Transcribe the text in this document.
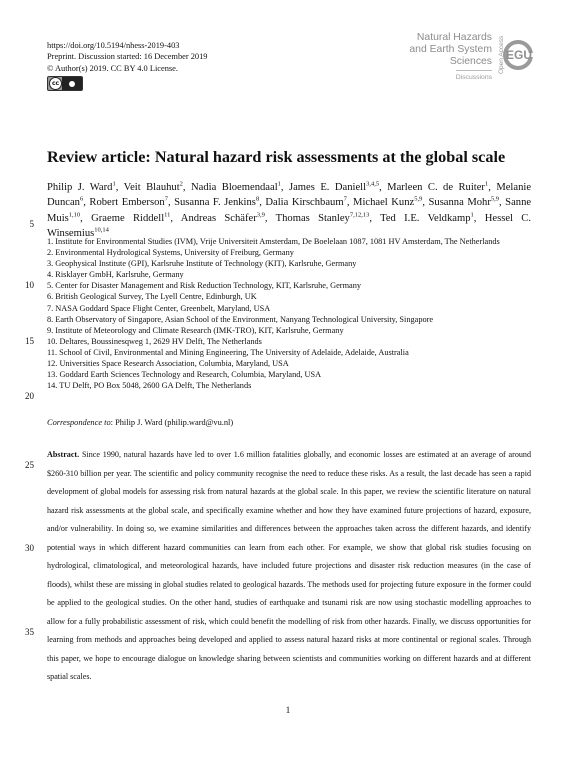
https://doi.org/10.5194/nhess-2019-403
Preprint. Discussion started: 16 December 2019
© Author(s) 2019. CC BY 4.0 License.
cc
Natural Hazards
and Earth System
Sciences
Discussions
Open Access EGU
Review article: Natural hazard risk assessments at the global scale
Philip J. Ward$^1$, Veit Blauhut$^2$, Nadia Bloemendaal$^1$, James E. Daniell$^{3,4,5}$, Marleen C. de Ruiter$^1$, Melanie Duncan$^6$, Robert Emberson$^7$, Susanna F. Jenkins$^8$, Dalia Kirschbaum$^7$, Michael Kunz$^{5,9}$, Susanna Mohr$^{5,9}$, Sanne Muis$^{1,10}$, Graeme Riddell$^{11}$, Andreas Schäfer$^{3,9}$, Thomas Stanley$^{7,12,13}$, Ted I.E. Veldkamp$^1$, Hessel C. Winsemius$^{10,14}$
1. Institute for Environmental Studies (IVM), Vrije Universiteit Amsterdam, De Boelelaan 1087, 1081 HV Amsterdam, The Netherlands
2. Environmental Hydrological Systems, University of Freiburg, Germany
3. Geophysical Institute (GPI), Karlsruhe Institute of Technology (KIT), Karlsruhe, Germany
4. Risklayer GmbH, Karlsruhe, Germany
5. Center for Disaster Management and Risk Reduction Technology, KIT, Karlsruhe, Germany
6. British Geological Survey, The Lyell Centre, Edinburgh, UK
7. NASA Goddard Space Flight Center, Greenbelt, Maryland, USA
8. Earth Observatory of Singapore, Asian School of the Environment, Nanyang Technological University, Singapore
9. Institute of Meteorology and Climate Research (IMK-TRO), KIT, Karlsruhe, Germany
10. Deltares, Boussinesqweg 1, 2629 HV Delft, The Netherlands
11. School of Civil, Environmental and Mining Engineering, The University of Adelaide, Adelaide, Australia
12. Universities Space Research Association, Columbia, Maryland, USA
13. Goddard Earth Sciences Technology and Research, Columbia, Maryland, USA
14. TU Delft, PO Box 5048, 2600 GA Delft, The Netherlands
Correspondence to: Philip J. Ward (philip.ward@vu.nl)
Abstract. Since 1990, natural hazards have led to over 1.6 million fatalities globally, and economic losses are estimated at an average of around $260-310 billion per year. The scientific and policy community recognise the need to reduce these risks. As a result, the last decade has seen a rapid development of global models for assessing risk from natural hazards at the global scale. In this paper, we review the scientific literature on natural hazard risk assessments at the global scale, and specifically examine whether and how they have examined future projections of hazard, exposure, and/or vulnerability. In doing so, we examine similarities and differences between the approaches taken across the different hazards, and identify potential ways in which different hazard communities can learn from each other. For example, we show that global risk studies focusing on hydrological, climatological, and meteorological hazards, have included future projections and disaster risk reduction measures (in the case of floods), whilst these are missing in global studies related to geological hazards. The methods used for projecting future exposure in the former could be applied to the geological studies. On the other hand, studies of earthquake and tsunami risk are now using stochastic modelling approaches to allow for a fully probabilistic assessment of risk, which could benefit the modelling of risk from other hazards. Finally, we discuss opportunities for learning from methods and approaches being developed and applied to assess natural hazard risks at more continental or regional scales. Through this paper, we hope to encourage dialogue on knowledge sharing between scientists and communities working on different hazards and at different spatial scales.
5
10
15
20
25
30
35
1
